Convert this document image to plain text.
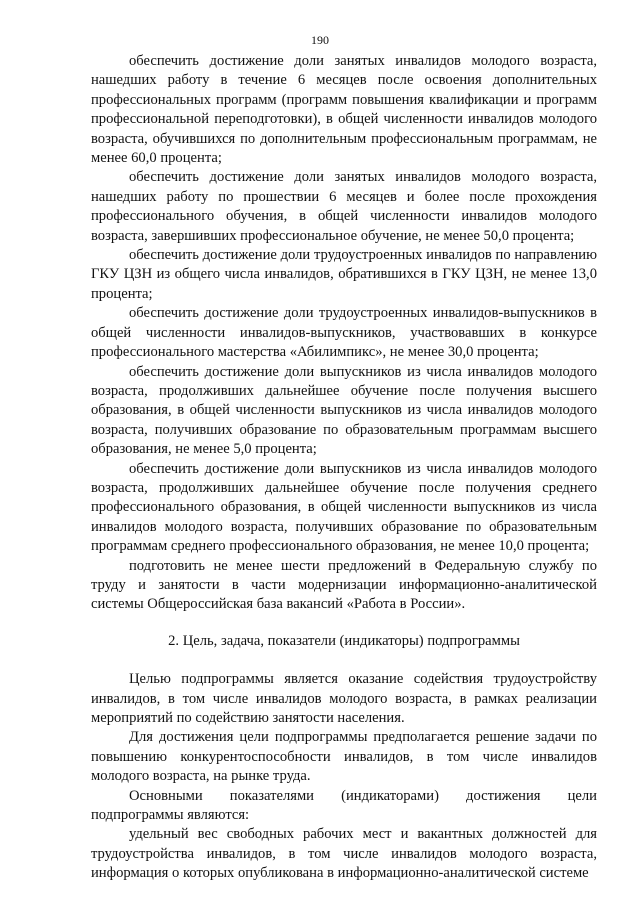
190

обеспечить достижение доли занятых инвалидов молодого возраста, нашедших работу в течение 6 месяцев после освоения дополнительных профессиональных программ (программ повышения квалификации и программ профессиональной переподготовки), в общей численности инвалидов молодого возраста, обучившихся по дополнительным профессиональным программам, не менее 60,0 процента;

обеспечить достижение доли занятых инвалидов молодого возраста, нашедших работу по прошествии 6 месяцев и более после прохождения профессионального обучения, в общей численности инвалидов молодого возраста, завершивших профессиональное обучение, не менее 50,0 процента;

обеспечить достижение доли трудоустроенных инвалидов по направлению ГКУ ЦЗН из общего числа инвалидов, обратившихся в ГКУ ЦЗН, не менее 13,0 процента;

обеспечить достижение доли трудоустроенных инвалидов-выпускников в общей численности инвалидов-выпускников, участвовавших в конкурсе профессионального мастерства «Абилимпикс», не менее 30,0 процента;

обеспечить достижение доли выпускников из числа инвалидов молодого возраста, продолживших дальнейшее обучение после получения высшего образования, в общей численности выпускников из числа инвалидов молодого возраста, получивших образование по образовательным программам высшего образования, не менее 5,0 процента;

обеспечить достижение доли выпускников из числа инвалидов молодого возраста, продолживших дальнейшее обучение после получения среднего профессионального образования, в общей численности выпускников из числа инвалидов молодого возраста, получивших образование по образовательным программам среднего профессионального образования, не менее 10,0 процента;

подготовить не менее шести предложений в Федеральную службу по труду и занятости в части модернизации информационно-аналитической системы Общероссийская база вакансий «Работа в России».

2. Цель, задача, показатели (индикаторы) подпрограммы

Целью подпрограммы является оказание содействия трудоустройству инвалидов, в том числе инвалидов молодого возраста, в рамках реализации мероприятий по содействию занятости населения.

Для достижения цели подпрограммы предполагается решение задачи по повышению конкурентоспособности инвалидов, в том числе инвалидов молодого возраста, на рынке труда.

Основными показателями (индикаторами) достижения цели подпрограммы являются:

удельный вес свободных рабочих мест и вакантных должностей для трудоустройства инвалидов, в том числе инвалидов молодого возраста, информация о которых опубликована в информационно-аналитической системе
